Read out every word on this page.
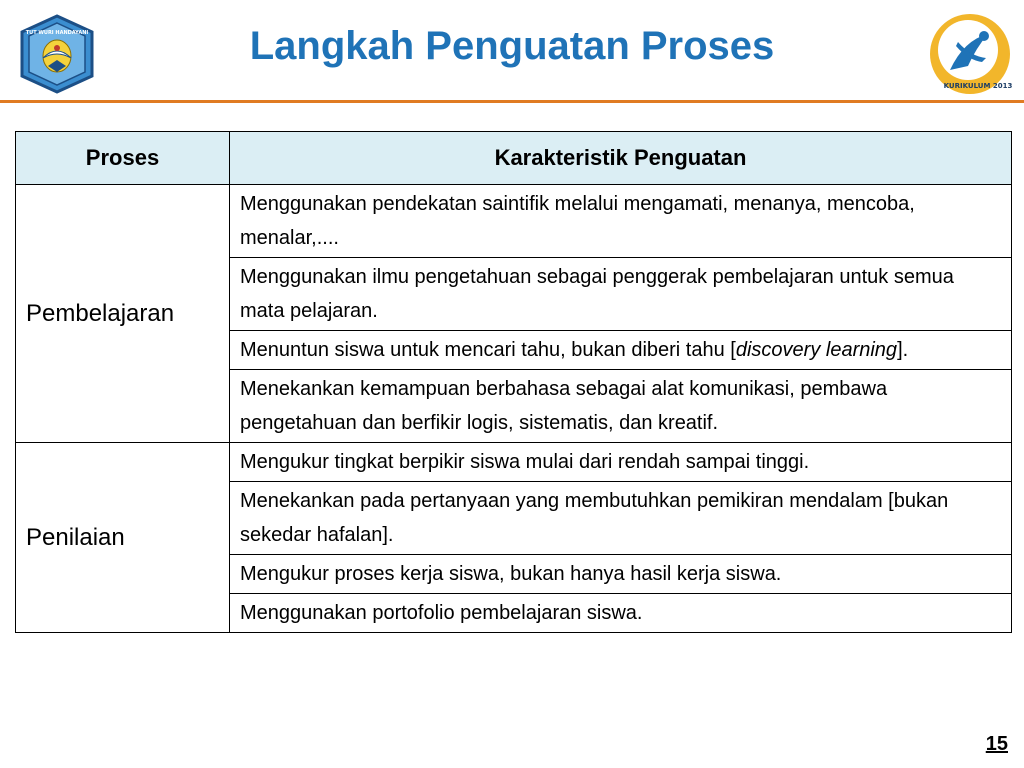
TUT WURI HANDAYANI	Langkah Penguatan Proses
KURIKULUM 2013
Proses	Karakteristik Penguatan
Pembelajaran	Menggunakan pendekatan saintifik melalui mengamati, menanya, mencoba, menalar,....
	Menggunakan ilmu pengetahuan sebagai penggerak pembelajaran untuk semua mata pelajaran.
	Menuntun siswa untuk mencari tahu, bukan diberi tahu [discovery learning].
	Menekankan kemampuan berbahasa sebagai alat komunikasi, pembawa pengetahuan dan berfikir logis, sistematis, dan kreatif.
Penilaian	Mengukur tingkat berpikir siswa mulai dari rendah sampai tinggi.
	Menekankan pada pertanyaan yang membutuhkan pemikiran mendalam [bukan sekedar hafalan].
	Mengukur proses kerja siswa, bukan hanya hasil kerja siswa.
	Menggunakan portofolio pembelajaran siswa.
15
